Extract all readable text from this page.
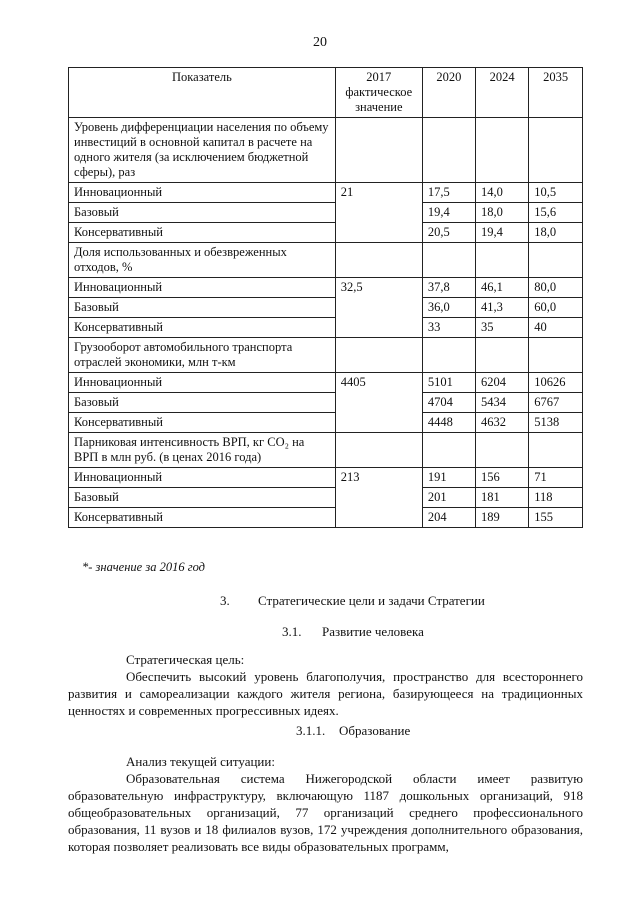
20
Показатель	2017 фактическое значение	2020	2024	2035
Уровень дифференциации населения по объему инвестиций в основной капитал в расчете на одного жителя (за исключением бюджетной сферы), раз				
Инновационный	21	17,5	14,0	10,5
Базовый		19,4	18,0	15,6
Консервативный		20,5	19,4	18,0
Доля использованных и обезвреженных отходов, %				
Инновационный	32,5	37,8	46,1	80,0
Базовый		36,0	41,3	60,0
Консервативный		33	35	40
Грузооборот автомобильного транспорта отраслей экономики, млн т-км				
Инновационный	4405	5101	6204	10626
Базовый		4704	5434	6767
Консервативный		4448	4632	5138
Парниковая интенсивность ВРП, кг CO₂ на ВРП в млн руб. (в ценах 2016 года)				
Инновационный	213	191	156	71
Базовый		201	181	118
Консервативный		204	189	155
*- значение за 2016 год
3. Стратегические цели и задачи Стратегии
3.1. Развитие человека
Стратегическая цель:
Обеспечить высокий уровень благополучия, пространство для всестороннего развития и самореализации каждого жителя региона, базирующееся на традиционных ценностях и современных прогрессивных идеях.
3.1.1. Образование
Анализ текущей ситуации:
Образовательная система Нижегородской области имеет развитую образовательную инфраструктуру, включающую 1187 дошкольных организаций, 918 общеобразовательных организаций, 77 организаций среднего профессионального образования, 11 вузов и 18 филиалов вузов, 172 учреждения дополнительного образования, которая позволяет реализовать все виды образовательных программ,
